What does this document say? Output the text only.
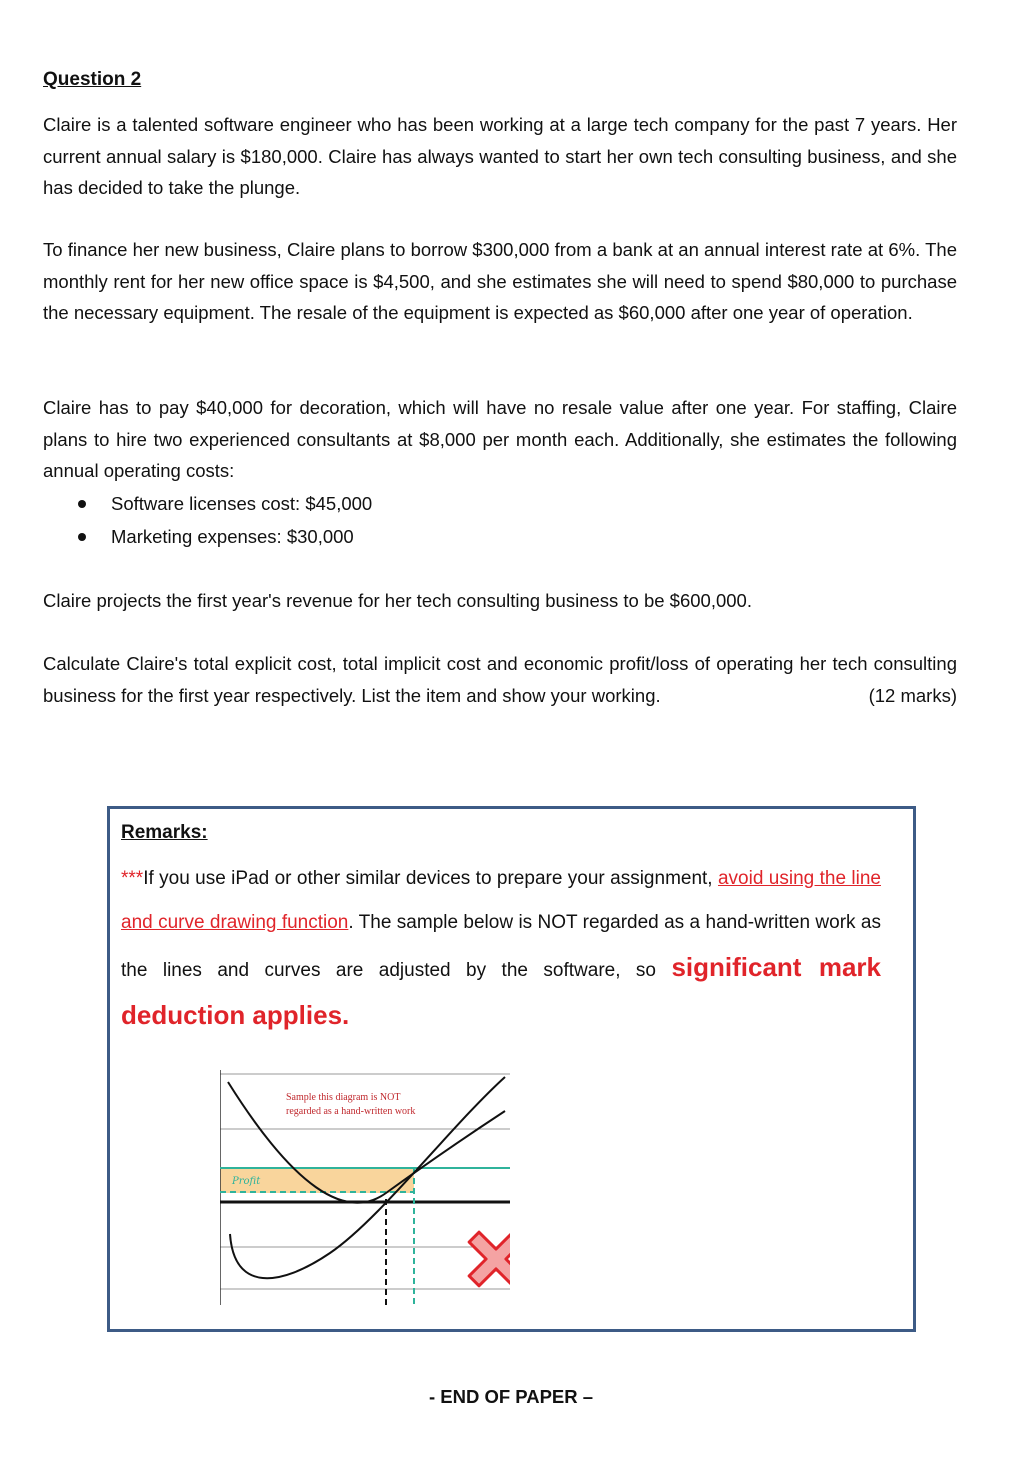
Question 2

Claire is a talented software engineer who has been working at a large tech company for the past 7 years. Her current annual salary is $180,000. Claire has always wanted to start her own tech consulting business, and she has decided to take the plunge.

To finance her new business, Claire plans to borrow $300,000 from a bank at an annual interest rate at 6%. The monthly rent for her new office space is $4,500, and she estimates she will need to spend $80,000 to purchase the necessary equipment. The resale of the equipment is expected as $60,000 after one year of operation.

Claire has to pay $40,000 for decoration, which will have no resale value after one year. For staffing, Claire plans to hire two experienced consultants at $8,000 per month each. Additionally, she estimates the following annual operating costs:

Software licenses cost: $45,000
Marketing expenses: $30,000

Claire projects the first year's revenue for her tech consulting business to be $600,000.

Calculate Claire's total explicit cost, total implicit cost and economic profit/loss of operating her tech consulting business for the first year respectively. List the item and show your working.	(12 marks)

Remarks:

***If you use iPad or other similar devices to prepare your assignment, avoid using the line and curve drawing function. The sample below is NOT regarded as a hand-written work as the lines and curves are adjusted by the software, so significant mark deduction applies.

Sample this diagram is NOT
regarded as a hand-written work
Profit

- END OF PAPER –
